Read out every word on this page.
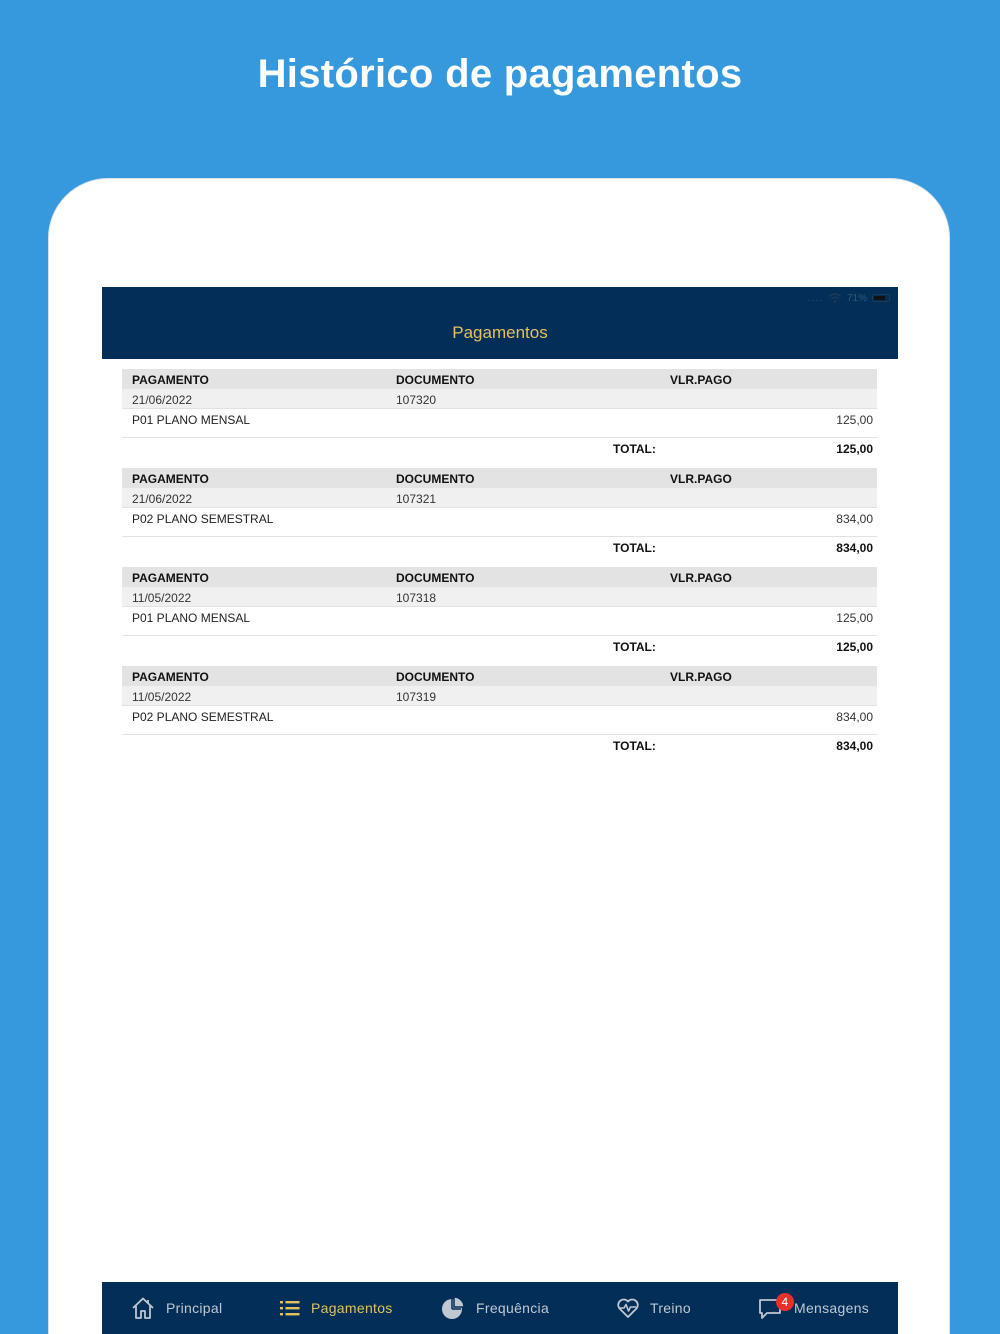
Histórico de pagamentos
.... 71%
Pagamentos
PAGAMENTO	DOCUMENTO	VLR.PAGO
21/06/2022	107320
P01 PLANO MENSAL	125,00
TOTAL:	125,00
PAGAMENTO	DOCUMENTO	VLR.PAGO
21/06/2022	107321
P02 PLANO SEMESTRAL	834,00
TOTAL:	834,00
PAGAMENTO	DOCUMENTO	VLR.PAGO
11/05/2022	107318
P01 PLANO MENSAL	125,00
TOTAL:	125,00
PAGAMENTO	DOCUMENTO	VLR.PAGO
11/05/2022	107319
P02 PLANO SEMESTRAL	834,00
TOTAL:	834,00
Principal	Pagamentos	Frequência	Treino	4 Mensagens
